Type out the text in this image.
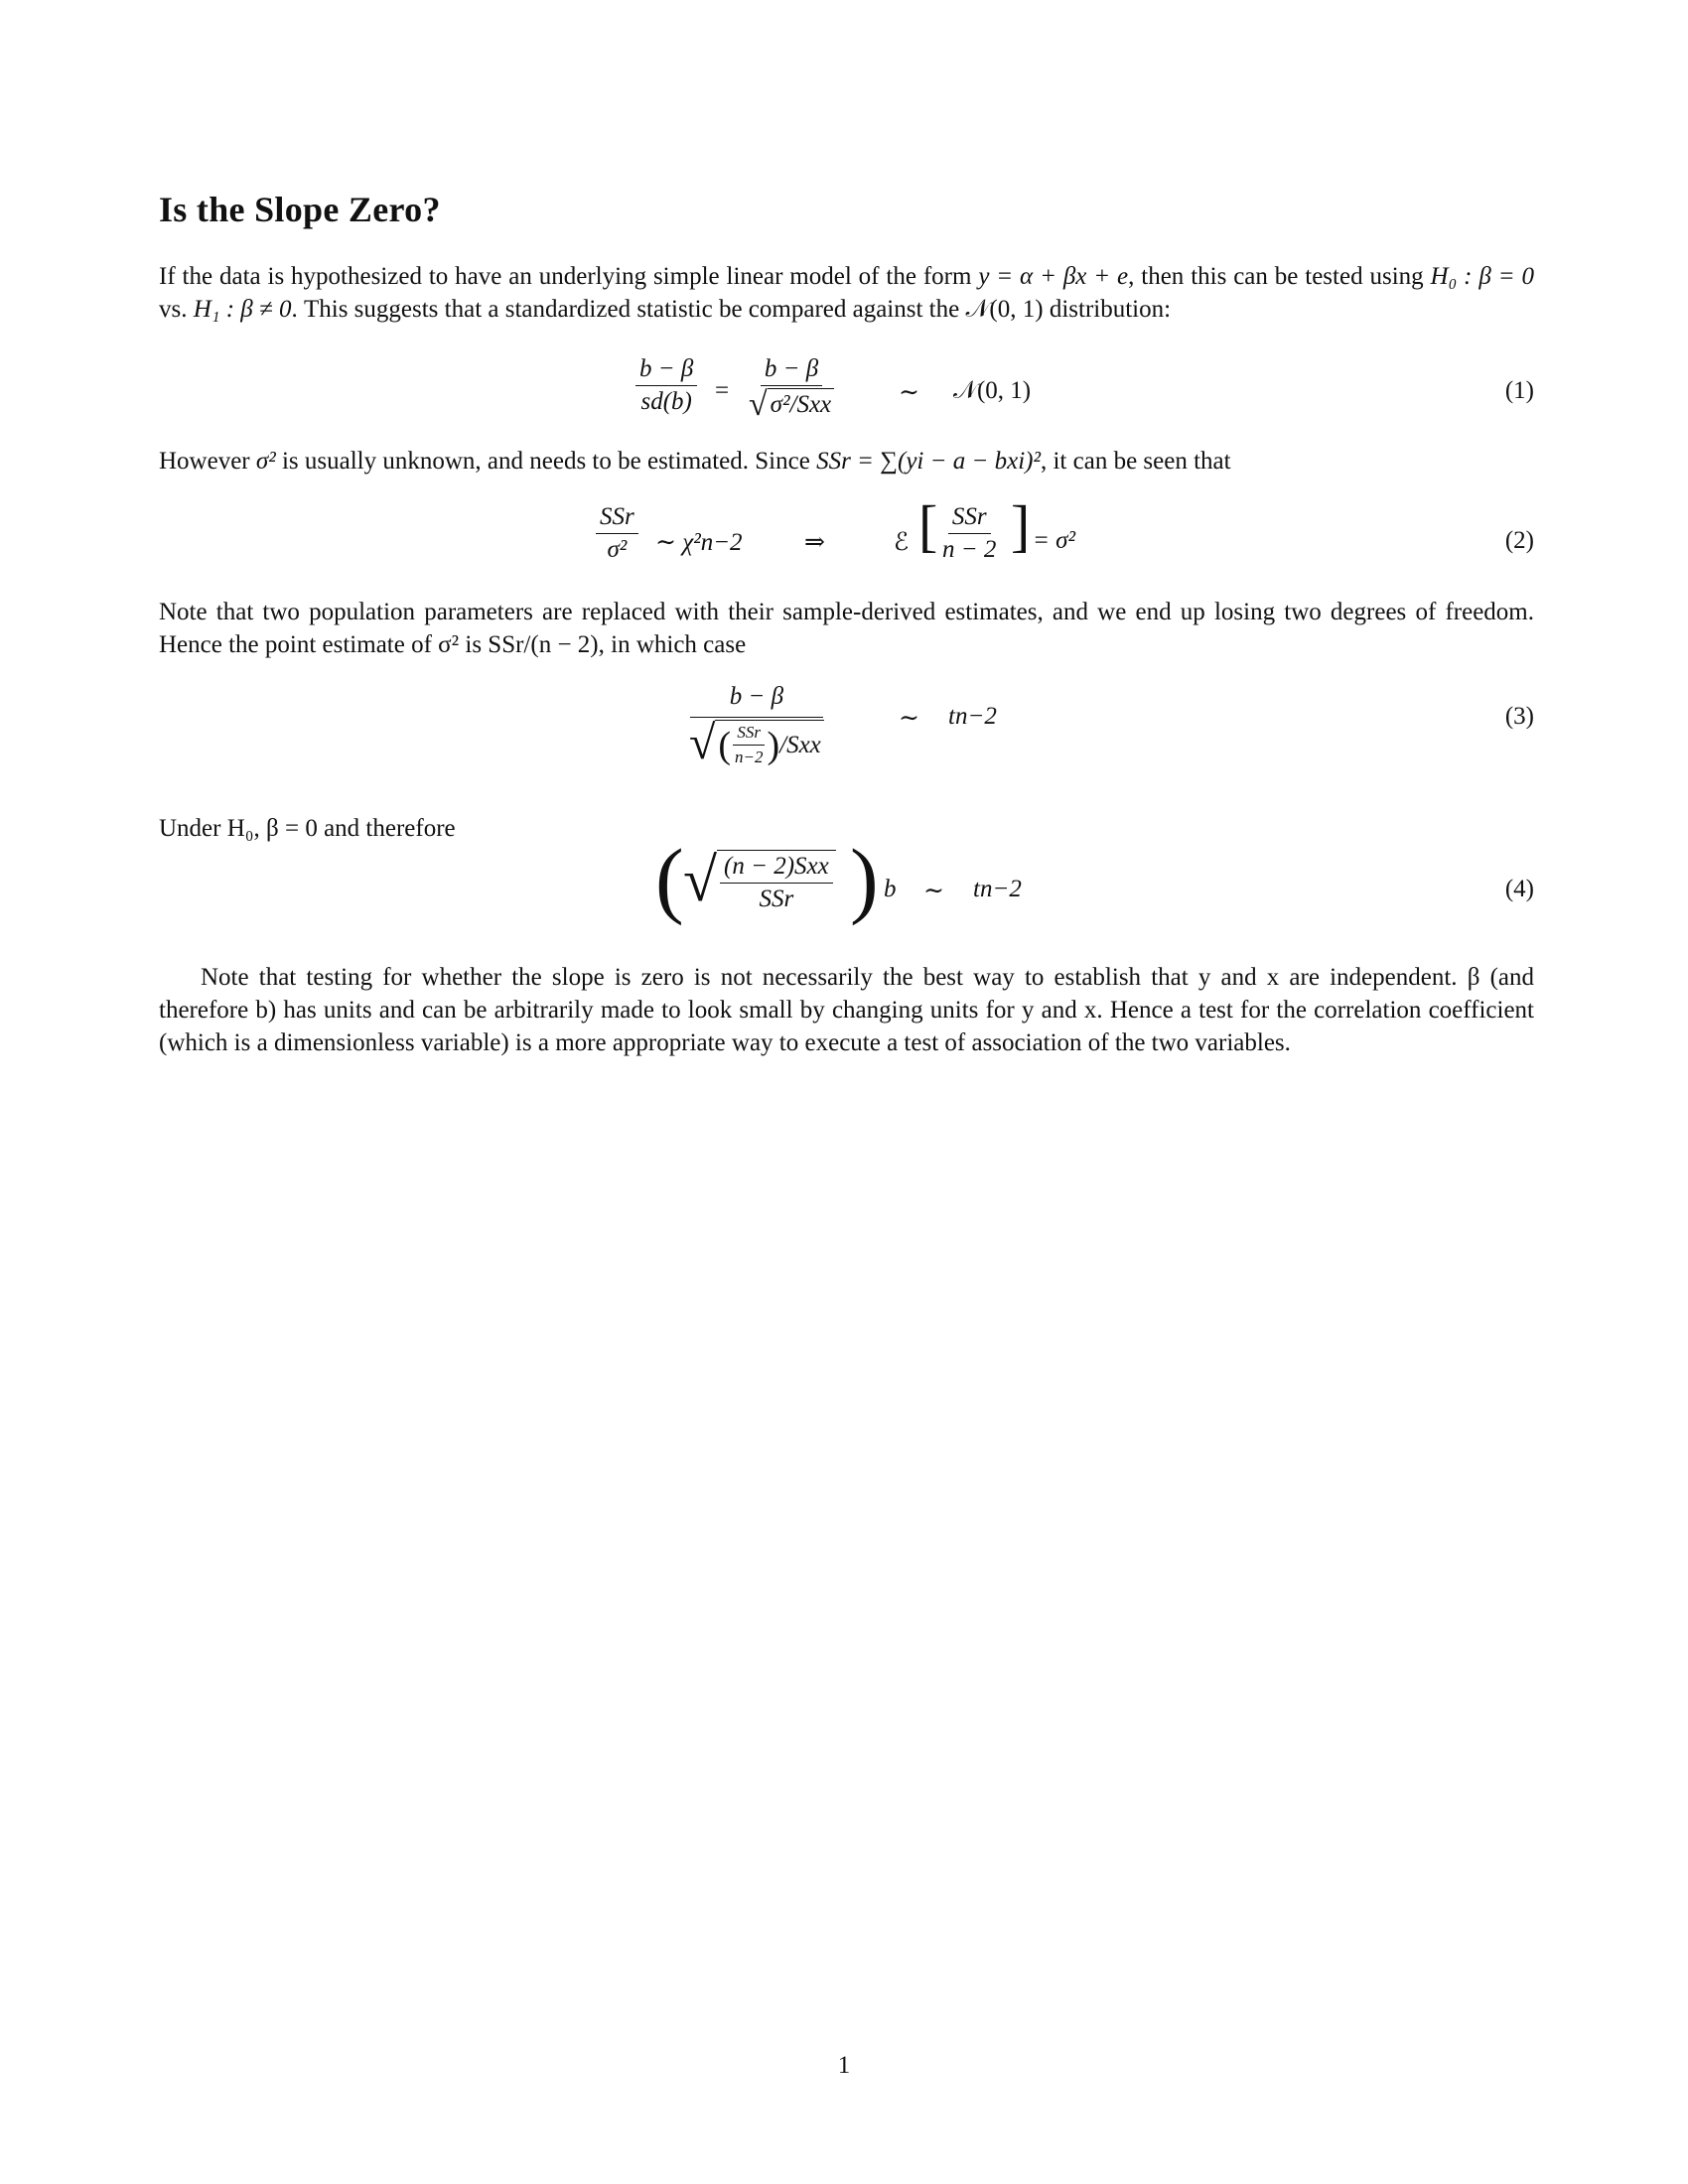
Is the Slope Zero?

If the data is hypothesized to have an underlying simple linear model of the form y = α + βx + e, then this can be tested using H₀ : β = 0 vs. H₁ : β ≠ 0. This suggests that a standardized statistic be compared against the 𝒩(0, 1) distribution:

$\frac{b - \beta}{sd(b)}$ =
b − β
√ σ²/Sxx	∼ 𝒩(0, 1)	(1)

However σ² is usually unknown, and needs to be estimated. Since SSr = ∑(yi − a − bxi)², it can be seen that

SSr
σ² ∼ χ²n−2 ⇒	ℰ [ SSr
n − 2 ] = σ²	(2)

Note that two population parameters are replaced with their sample-derived estimates, and we end up losing two degrees of freedom. Hence the point estimate of σ² is SSr/(n − 2), in which case

b − β
√ ( $\frac{\text{SSr}}{n-2}$ ) /Sxx
∼ tn−2	(3)

Under H₀, β = 0 and therefore

( √ $\frac{\text{(n − 2)Sxx}}{\text{SSr}}$ ) b ∼ tn−2	(4)

Note that testing for whether the slope is zero is not necessarily the best way to establish that y and x are independent. β (and therefore b) has units and can be arbitrarily made to look small by changing units for y and x. Hence a test for the correlation coefficient (which is a dimensionless variable) is a more appropriate way to execute a test of association of the two variables.

1
